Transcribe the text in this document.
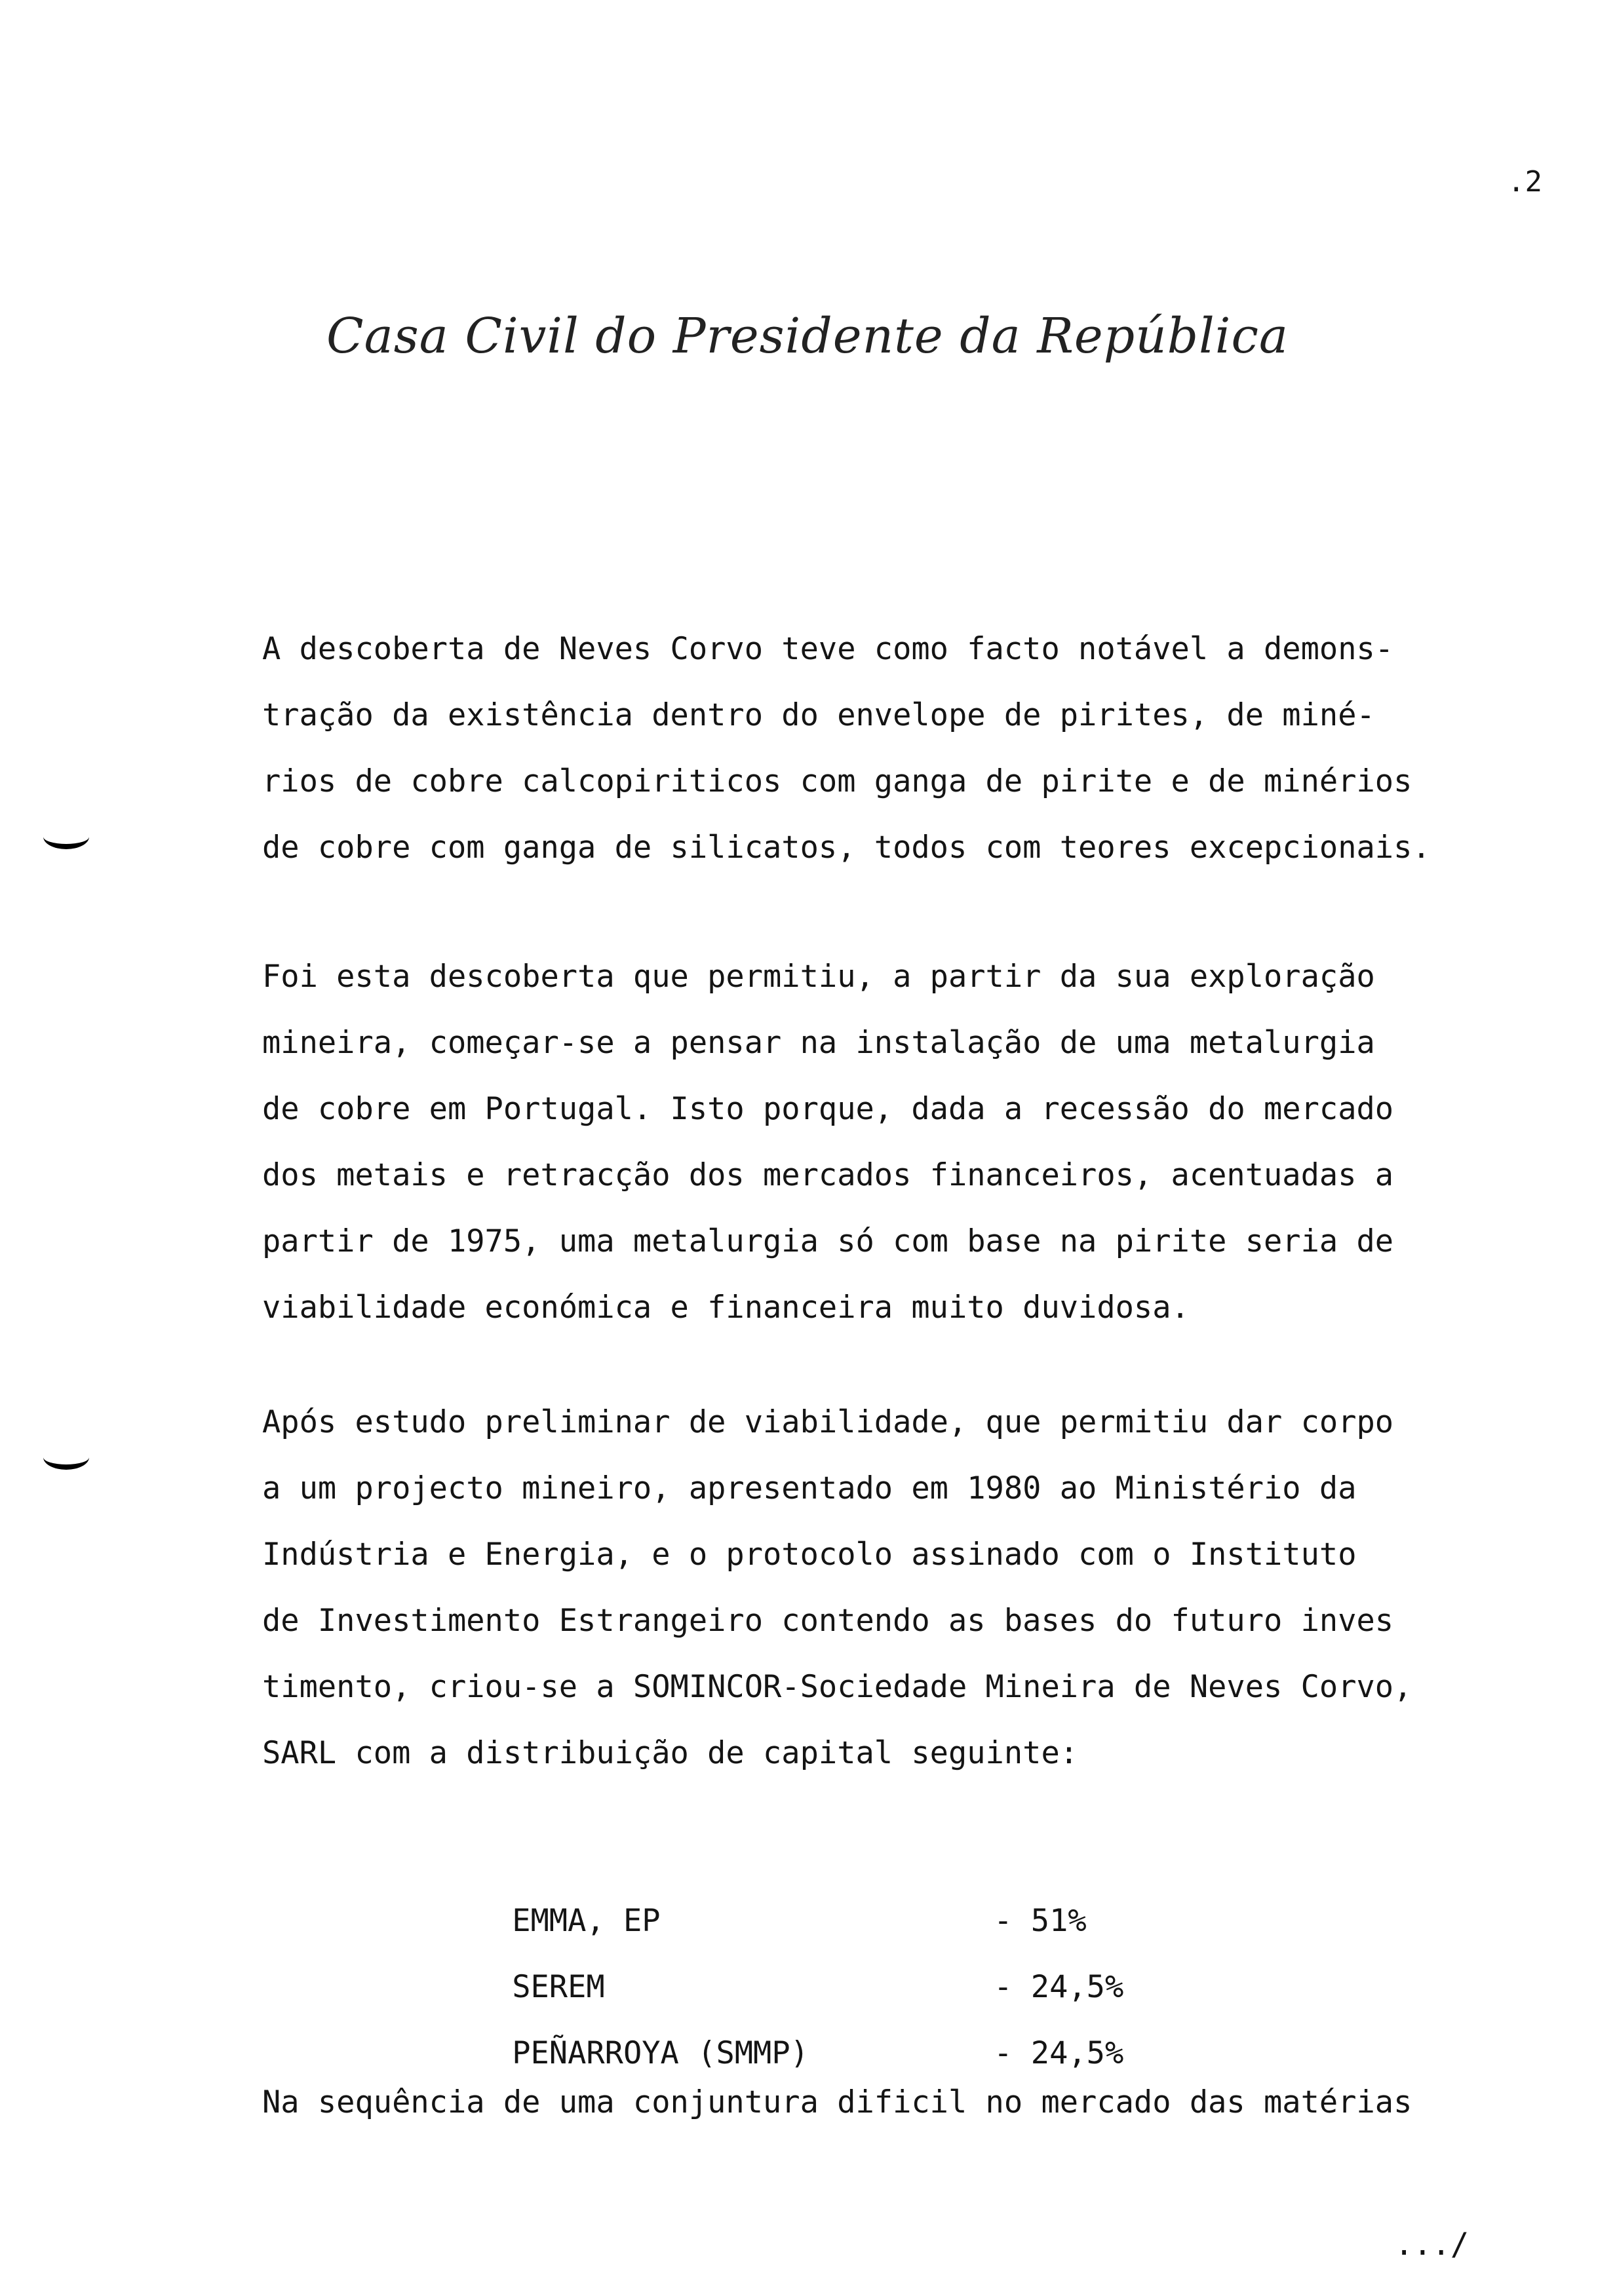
.2
Casa Civil do Presidente da República
A descoberta de Neves Corvo teve como facto notável a demons-
tração da existência dentro do envelope de pirites, de miné-
rios de cobre calcopiriticos com ganga de pirite e de minérios
de cobre com ganga de silicatos, todos com teores excepcionais.
Foi esta descoberta que permitiu, a partir da sua exploração
mineira, começar-se a pensar na instalação de uma metalurgia
de cobre em Portugal. Isto porque, dada a recessão do mercado
dos metais e retracção dos mercados financeiros, acentuadas a
partir de 1975, uma metalurgia só com base na pirite seria de
viabilidade económica e financeira muito duvidosa.
Após estudo preliminar de viabilidade, que permitiu dar corpo
a um projecto mineiro, apresentado em 1980 ao Ministério da
Indústria e Energia, e o protocolo assinado com o Instituto
de Investimento Estrangeiro contendo as bases do futuro inves
timento, criou-se a SOMINCOR-Sociedade Mineira de Neves Corvo,
SARL com a distribuição de capital seguinte:

EMMA, EP	- 51%

SEREM	- 24,5%

PEÑARROYA (SMMP)	- 24,5%

Na sequência de uma conjuntura dificil no mercado das matérias
.../
